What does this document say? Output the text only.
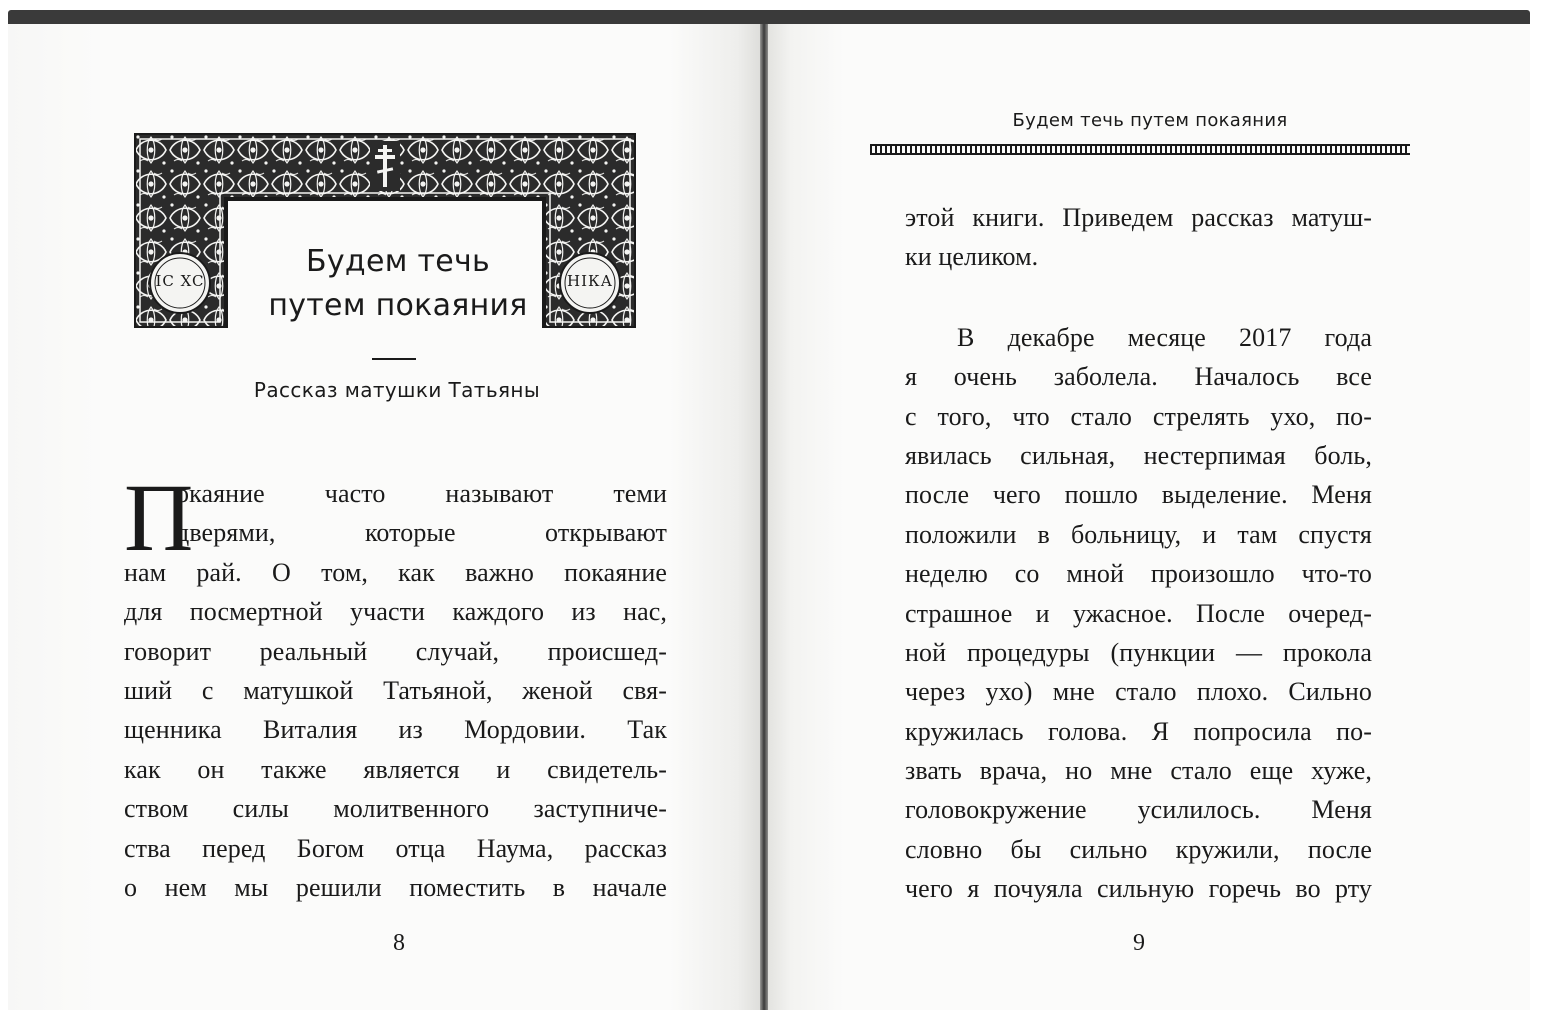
IC XC	НIКА
Будем течь
путем покаяния
Рассказ матушки Татьяны
П
окаяние часто называют теми
дверями, которые открывают
нам рай. О том, как важно покаяние
для посмертной участи каждого из нас,
говорит реальный случай, происшед-
ший с матушкой Татьяной, женой свя-
щенника Виталия из Мордовии. Так
как он также является и свидетель-
ством силы молитвенного заступниче-
ства перед Богом отца Наума, рассказ
о нем мы решили поместить в начале
8
Будем течь путем покаяния
этой книги. Приведем рассказ матуш-
ки целиком.
В декабре месяце 2017 года
я очень заболела. Началось все
с того, что стало стрелять ухо, по-
явилась сильная, нестерпимая боль,
после чего пошло выделение. Меня
положили в больницу, и там спустя
неделю со мной произошло что-то
страшное и ужасное. После очеред-
ной процедуры (пункции — прокола
через ухо) мне стало плохо. Сильно
кружилась голова. Я попросила по-
звать врача, но мне стало еще хуже,
головокружение усилилось. Меня
словно бы сильно кружили, после
чего я почуяла сильную горечь во рту
9
